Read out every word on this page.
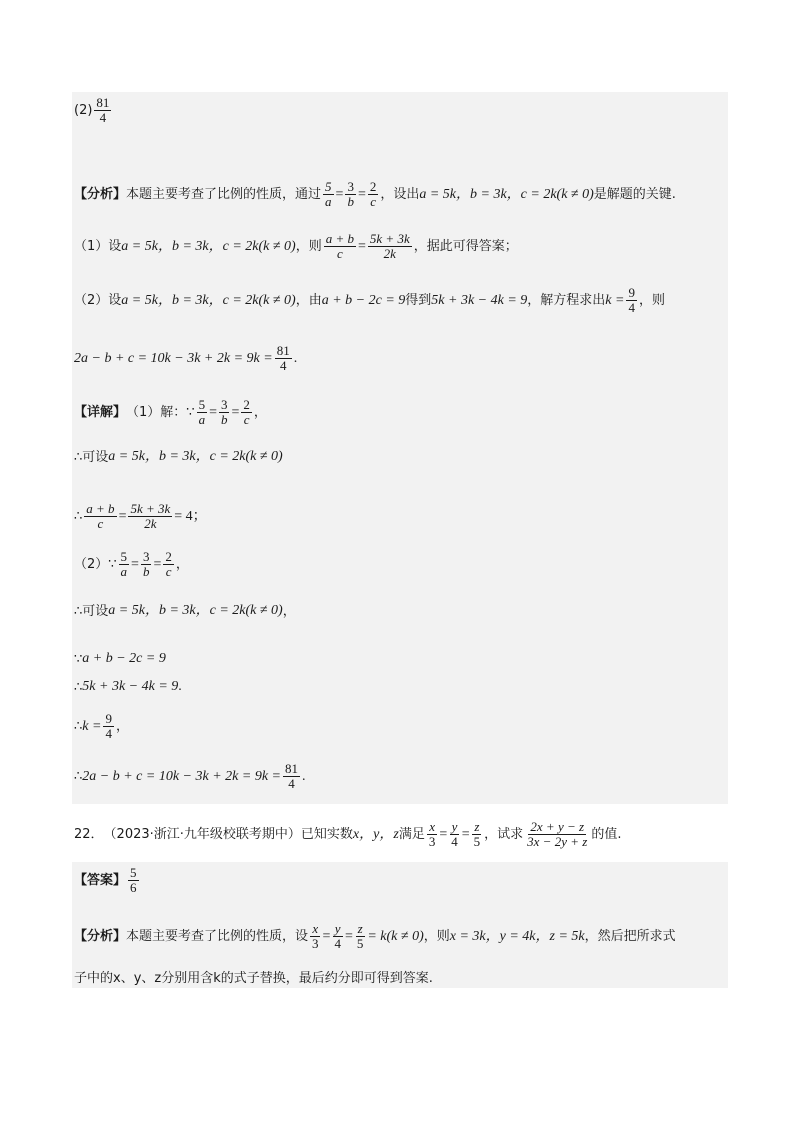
$(2) \frac{81}{4}$
【分析】 本题主要考查了比例的性质，通过 $\frac{5}{a} = \frac{3}{b} = \frac{2}{c}$ ，设出 a = 5k，b = 3k，c = 2k(k ≠ 0) 是解题的关键.
（1）设 a = 5k，b = 3k，c = 2k(k ≠ 0) ，则 $\frac{a + b}{c} = \frac{5k + 3k}{2k}$ ，据此可得答案；
（2）设 a = 5k，b = 3k，c = 2k(k ≠ 0) ，由 a + b − 2c = 9 得到 5k + 3k − 4k = 9 ，解方程求出 $k = \frac{9}{4}$ ，则
$2a - b + c = 10k - 3k + 2k = 9k = \frac{81}{4}$ .
【详解】 （1）解：∵ $\frac{5}{a} = \frac{3}{b} = \frac{2}{c}$ ，
∴可设 a = 5k，b = 3k，c = 2k(k ≠ 0)
∴ $\frac{a + b}{c} = \frac{5k + 3k}{2k} = 4$；
（2）∵ $\frac{5}{a} = \frac{3}{b} = \frac{2}{c}$ ，
∴可设 a = 5k，b = 3k，c = 2k(k ≠ 0) ，
∵ a + b − 2c = 9
∴ 5k + 3k − 4k = 9 .
∴ $k = \frac{9}{4}$ ，
∴ $2a - b + c = 10k - 3k + 2k = 9k = \frac{81}{4}$ .
22． （2023·浙江·九年级校联考期中） 已知实数 x，y，z 满足 $\frac{x}{3} = \frac{y}{4} = \frac{z}{5}$ ，试求 $\frac{2x + y - z}{3x - 2y + z}$ 的值.
【答案】 $\frac{5}{6}$
【分析】 本题主要考查了比例的性质，设 $\frac{x}{3} = \frac{y}{4} = \frac{z}{5} = k(k \ne 0)$ ，则 x = 3k，y = 4k，z = 5k ，然后把所求式
子中的x、y、z分别用含k的式子替换，最后约分即可得到答案.
